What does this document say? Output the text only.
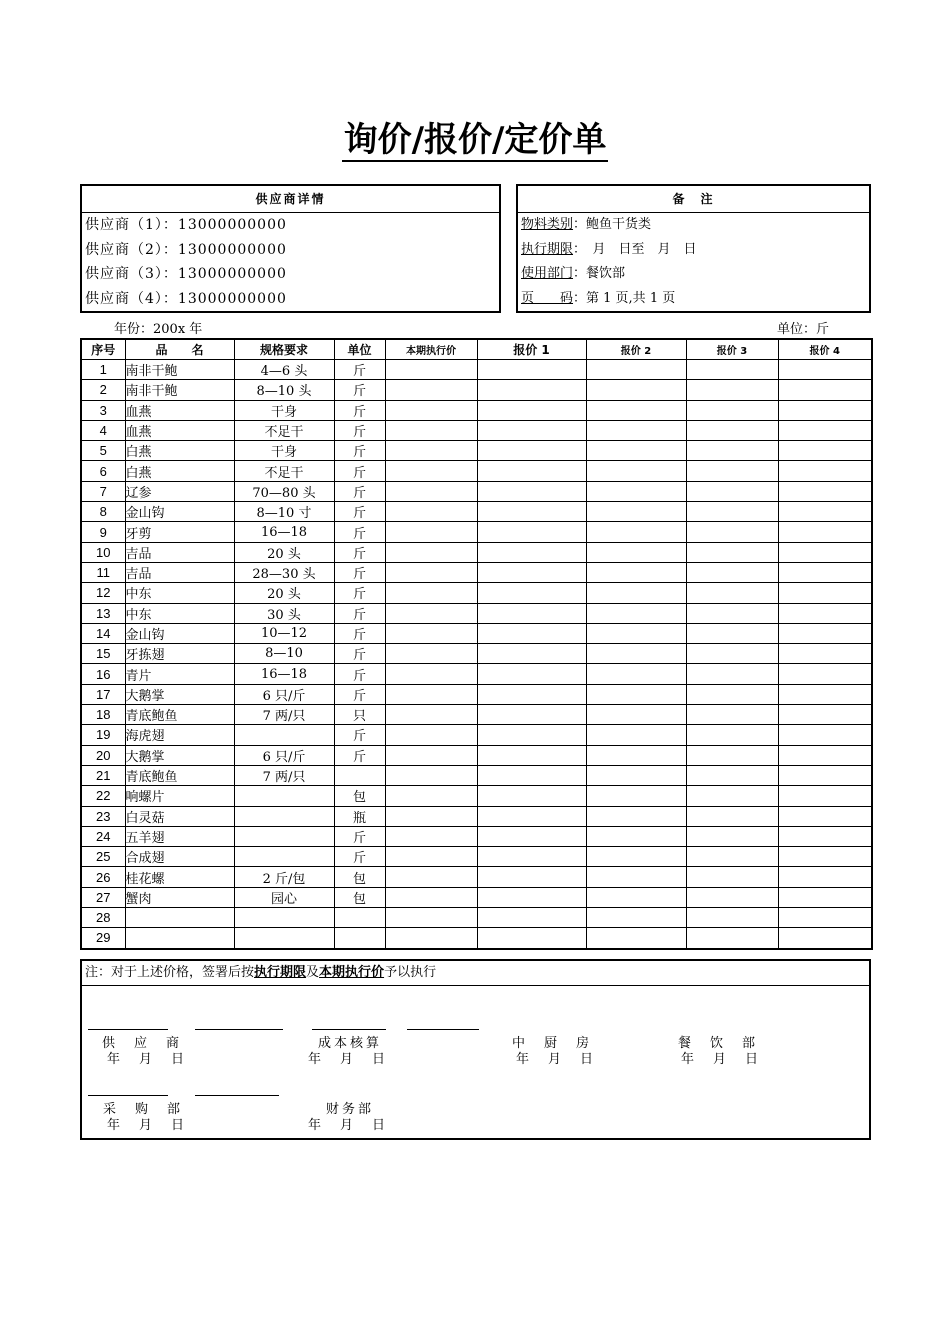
询价/报价/定价单
供应商详情
供应商（1）：13000000000
供应商（2）：13000000000
供应商（3）：13000000000
供应商（4）：13000000000
备　注
物料类别：鲍鱼干货类
执行期限：　月　日至　月　日
使用部门：餐饮部
页　　码：第 1 页,共 1 页
年份：200x 年	单位：斤
序号	品　　名	规格要求	单位	本期执行价	报价 1	报价 2	报价 3	报价 4
1	南非干鲍	4—6 头	斤					
2	南非干鲍	8—10 头	斤					
3	血燕	干身	斤					
4	血燕	不足干	斤					
5	白燕	干身	斤					
6	白燕	不足干	斤					
7	辽参	70—80 头	斤					
8	金山钩	8—10 寸	斤					
9	牙剪	16—18	斤					
10	吉品	20 头	斤					
11	吉品	28—30 头	斤					
12	中东	20 头	斤					
13	中东	30 头	斤					
14	金山钩	10—12	斤					
15	牙拣翅	8—10	斤					
16	青片	16—18	斤					
17	大鹅掌	6 只/斤	斤					
18	青底鲍鱼	7 两/只	只					
19	海虎翅		斤					
20	大鹅掌	6 只/斤	斤					
21	青底鲍鱼	7 两/只						
22	响螺片		包					
23	白灵菇		瓶					
24	五羊翅		斤					
25	合成翅		斤					
26	桂花螺	2 斤/包	包					
27	蟹肉	园心	包					
28								
29								
注：对于上述价格，签署后按执行期限及本期执行价予以执行
供　应　商
年　月　日
成本核算
年　月　日
中　厨　房
年　月　日
餐　饮　部
年　月　日
采　购　部
年　月　日
财务部
年　月　日
